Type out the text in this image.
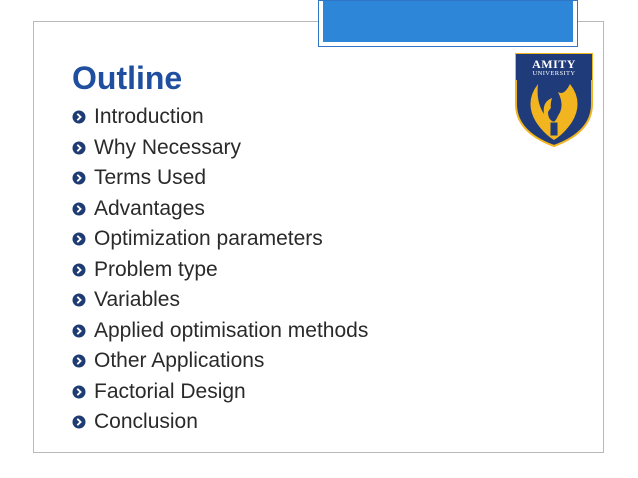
Outline
Introduction
Why Necessary
Terms Used
Advantages
Optimization parameters
Problem type
Variables
Applied optimisation methods
Other Applications
Factorial Design
Conclusion
AMITY
UNIVERSITY
